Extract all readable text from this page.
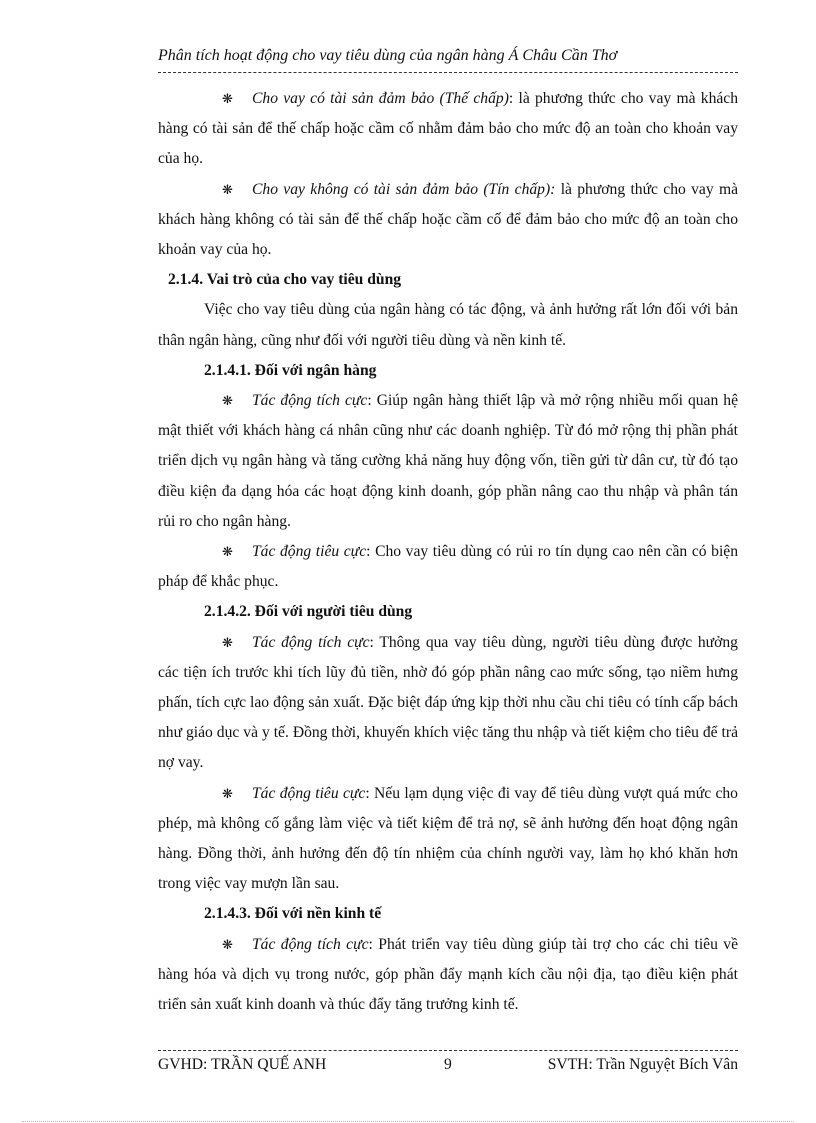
Phân tích hoạt động cho vay tiêu dùng của ngân hàng Á Châu Cần Thơ

❋ Cho vay có tài sản đảm bảo (Thế chấp): là phương thức cho vay mà khách hàng có tài sản để thế chấp hoặc cầm cố nhằm đảm bảo cho mức độ an toàn cho khoản vay của họ.

❋ Cho vay không có tài sản đảm bảo (Tín chấp): là phương thức cho vay mà khách hàng không có tài sản để thế chấp hoặc cầm cố để đảm bảo cho mức độ an toàn cho khoản vay của họ.

2.1.4. Vai trò của cho vay tiêu dùng

Việc cho vay tiêu dùng của ngân hàng có tác động, và ảnh hưởng rất lớn đối với bản thân ngân hàng, cũng như đối với người tiêu dùng và nền kinh tế.

2.1.4.1. Đối với ngân hàng

❋ Tác động tích cực: Giúp ngân hàng thiết lập và mở rộng nhiều mối quan hệ mật thiết với khách hàng cá nhân cũng như các doanh nghiệp. Từ đó mở rộng thị phần phát triển dịch vụ ngân hàng và tăng cường khả năng huy động vốn, tiền gửi từ dân cư, từ đó tạo điều kiện đa dạng hóa các hoạt động kinh doanh, góp phần nâng cao thu nhập và phân tán rủi ro cho ngân hàng.

❋ Tác động tiêu cực: Cho vay tiêu dùng có rủi ro tín dụng cao nên cần có biện pháp để khắc phục.

2.1.4.2. Đối với người tiêu dùng

❋ Tác động tích cực: Thông qua vay tiêu dùng, người tiêu dùng được hưởng các tiện ích trước khi tích lũy đủ tiền, nhờ đó góp phần nâng cao mức sống, tạo niềm hưng phấn, tích cực lao động sản xuất. Đặc biệt đáp ứng kịp thời nhu cầu chi tiêu có tính cấp bách như giáo dục và y tế. Đồng thời, khuyến khích việc tăng thu nhập và tiết kiệm cho tiêu để trả nợ vay.

❋ Tác động tiêu cực: Nếu lạm dụng việc đi vay để tiêu dùng vượt quá mức cho phép, mà không cố gắng làm việc và tiết kiệm để trả nợ, sẽ ảnh hưởng đến hoạt động ngân hàng. Đồng thời, ảnh hưởng đến độ tín nhiệm của chính người vay, làm họ khó khăn hơn trong việc vay mượn lần sau.

2.1.4.3. Đối với nền kinh tế

❋ Tác động tích cực: Phát triển vay tiêu dùng giúp tài trợ cho các chi tiêu về hàng hóa và dịch vụ trong nước, góp phần đẩy mạnh kích cầu nội địa, tạo điều kiện phát triển sản xuất kinh doanh và thúc đẩy tăng trưởng kinh tế.

GVHD: TRẦN QUẾ ANH	9	SVTH: Trần Nguyệt Bích Vân
